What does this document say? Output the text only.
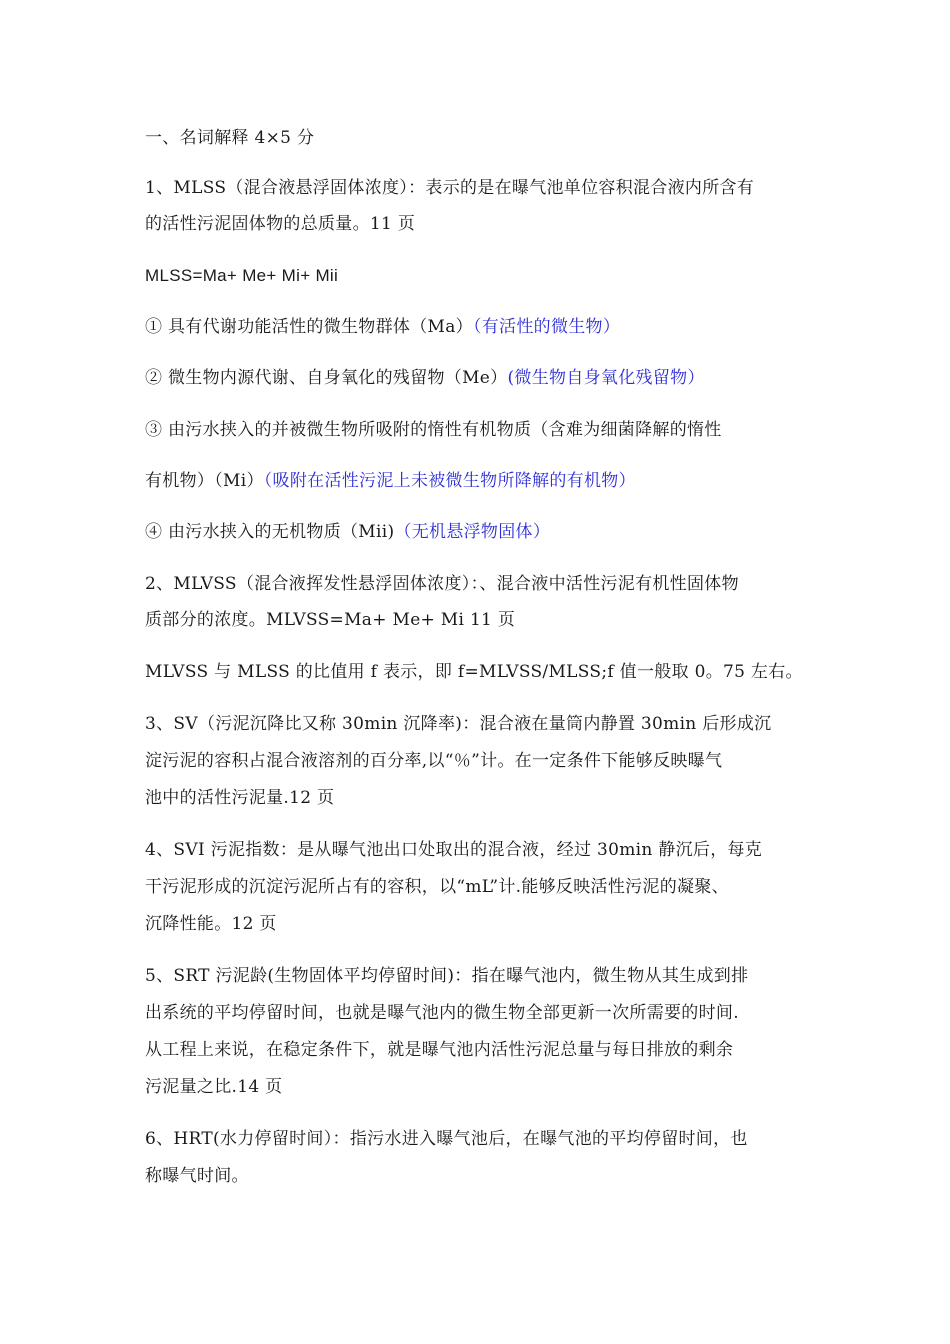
一、名词解释 4×5 分
1、MLSS（混合液悬浮固体浓度）：表示的是在曝气池单位容积混合液内所含有
的活性污泥固体物的总质量。11 页
MLSS=Ma+ Me+ Mi+ Mii
① 具有代谢功能活性的微生物群体（Ma）（有活性的微生物）
② 微生物内源代谢、自身氧化的残留物（Me）(微生物自身氧化残留物）
③ 由污水挟入的并被微生物所吸附的惰性有机物质（含难为细菌降解的惰性
有机物）（Mi）（吸附在活性污泥上未被微生物所降解的有机物）
④ 由污水挟入的无机物质（Mii)（无机悬浮物固体）
2、MLVSS（混合液挥发性悬浮固体浓度）：、混合液中活性污泥有机性固体物
质部分的浓度。MLVSS=Ma+ Me+ Mi 11 页
MLVSS 与 MLSS 的比值用 f 表示，即 f=MLVSS/MLSS;f 值一般取 0。75 左右。
3、SV（污泥沉降比又称 30min 沉降率)：混合液在量筒内静置 30min 后形成沉
淀污泥的容积占混合液溶剂的百分率,以“％”计。在一定条件下能够反映曝气
池中的活性污泥量.12 页
4、SVI 污泥指数：是从曝气池出口处取出的混合液，经过 30min 静沉后，每克
干污泥形成的沉淀污泥所占有的容积，以“mL”计.能够反映活性污泥的凝聚、
沉降性能。12 页
5、SRT 污泥龄(生物固体平均停留时间)：指在曝气池内，微生物从其生成到排
出系统的平均停留时间，也就是曝气池内的微生物全部更新一次所需要的时间.
从工程上来说，在稳定条件下，就是曝气池内活性污泥总量与每日排放的剩余
污泥量之比.14 页
6、HRT(水力停留时间）：指污水进入曝气池后，在曝气池的平均停留时间，也
称曝气时间。
